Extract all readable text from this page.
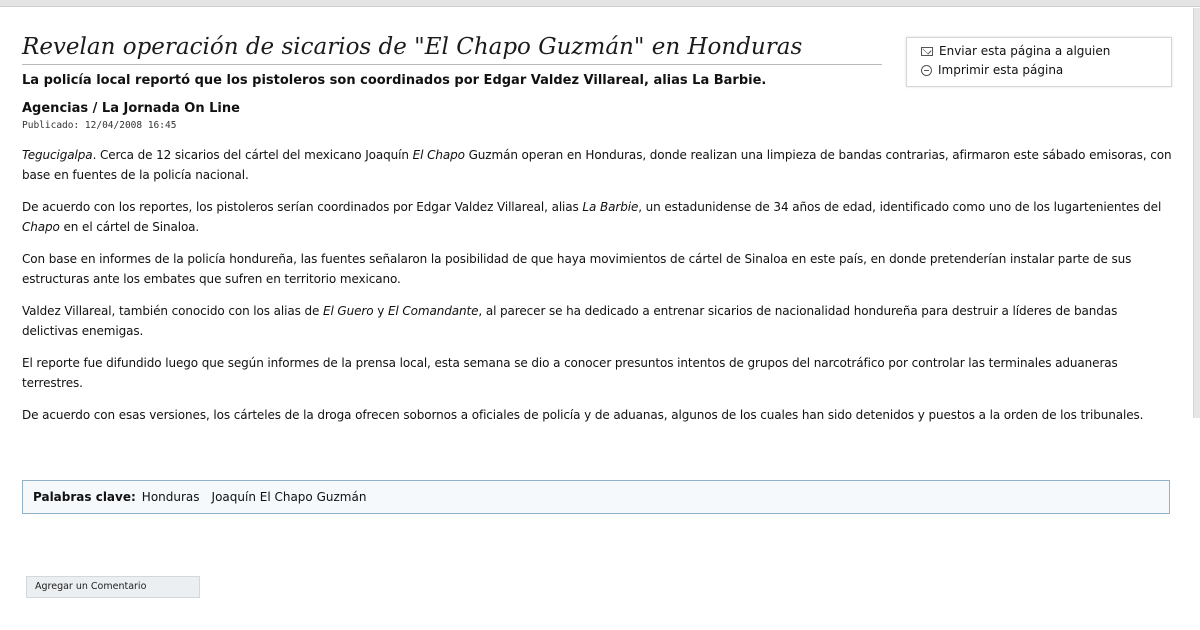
Revelan operación de sicarios de "El Chapo Guzmán" en Honduras
La policía local reportó que los pistoleros son coordinados por Edgar Valdez Villareal, alias La Barbie.
Agencias / La Jornada On Line
Publicado: 12/04/2008 16:45

Tegucigalpa. Cerca de 12 sicarios del cártel del mexicano Joaquín El Chapo Guzmán operan en Honduras, donde realizan una limpieza de bandas contrarias, afirmaron este sábado emisoras, con base en fuentes de la policía nacional.

De acuerdo con los reportes, los pistoleros serían coordinados por Edgar Valdez Villareal, alias La Barbie, un estadunidense de 34 años de edad, identificado como uno de los lugartenientes del Chapo en el cártel de Sinaloa.

Con base en informes de la policía hondureña, las fuentes señalaron la posibilidad de que haya movimientos de cártel de Sinaloa en este país, en donde pretenderían instalar parte de sus estructuras ante los embates que sufren en territorio mexicano.

Valdez Villareal, también conocido con los alias de El Guero y El Comandante, al parecer se ha dedicado a entrenar sicarios de nacionalidad hondureña para destruir a líderes de bandas delictivas enemigas.

El reporte fue difundido luego que según informes de la prensa local, esta semana se dio a conocer presuntos intentos de grupos del narcotráfico por controlar las terminales aduaneras terrestres.

De acuerdo con esas versiones, los cárteles de la droga ofrecen sobornos a oficiales de policía y de aduanas, algunos de los cuales han sido detenidos y puestos a la orden de los tribunales.

Enviar esta página a alguien
Imprimir esta página
Palabras clave: Honduras Joaquín El Chapo Guzmán
Agregar un Comentario
